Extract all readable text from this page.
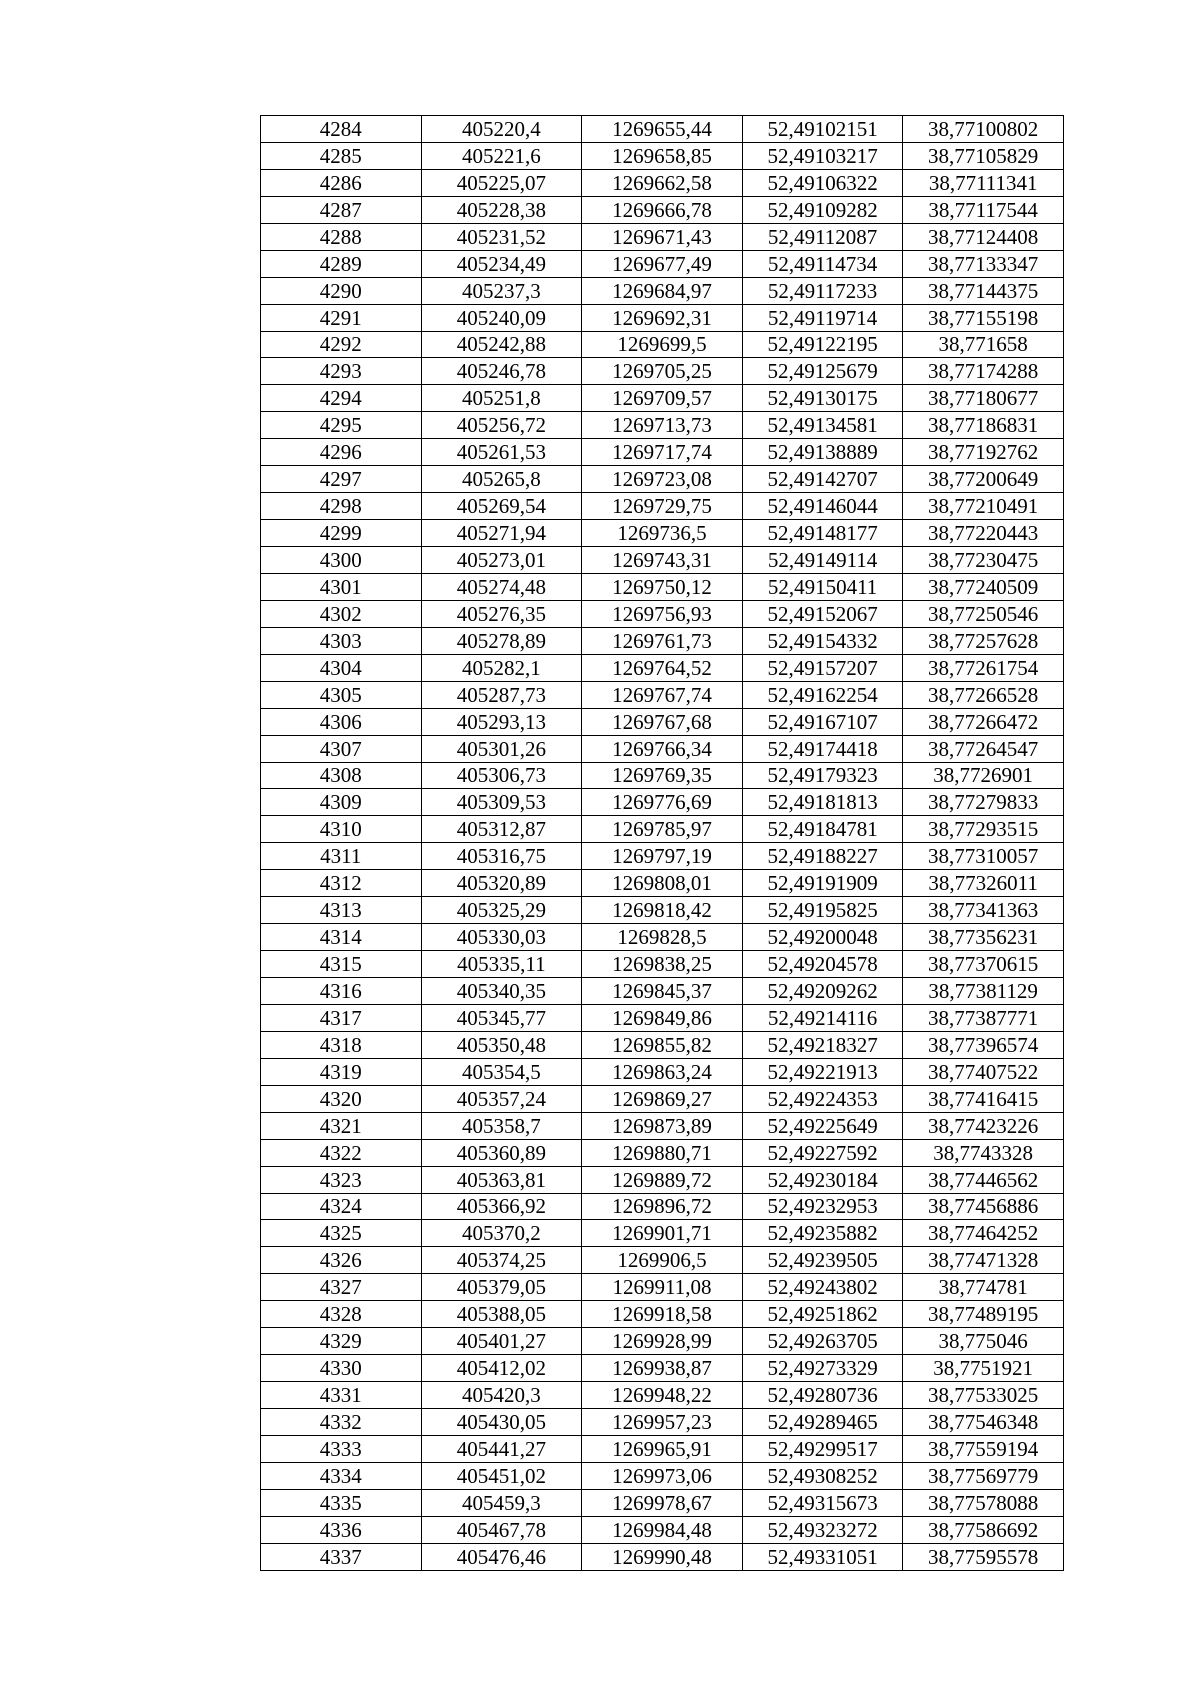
4284	405220,4	1269655,44	52,49102151	38,77100802
4285	405221,6	1269658,85	52,49103217	38,77105829
4286	405225,07	1269662,58	52,49106322	38,77111341
4287	405228,38	1269666,78	52,49109282	38,77117544
4288	405231,52	1269671,43	52,49112087	38,77124408
4289	405234,49	1269677,49	52,49114734	38,77133347
4290	405237,3	1269684,97	52,49117233	38,77144375
4291	405240,09	1269692,31	52,49119714	38,77155198
4292	405242,88	1269699,5	52,49122195	38,771658
4293	405246,78	1269705,25	52,49125679	38,77174288
4294	405251,8	1269709,57	52,49130175	38,77180677
4295	405256,72	1269713,73	52,49134581	38,77186831
4296	405261,53	1269717,74	52,49138889	38,77192762
4297	405265,8	1269723,08	52,49142707	38,77200649
4298	405269,54	1269729,75	52,49146044	38,77210491
4299	405271,94	1269736,5	52,49148177	38,77220443
4300	405273,01	1269743,31	52,49149114	38,77230475
4301	405274,48	1269750,12	52,49150411	38,77240509
4302	405276,35	1269756,93	52,49152067	38,77250546
4303	405278,89	1269761,73	52,49154332	38,77257628
4304	405282,1	1269764,52	52,49157207	38,77261754
4305	405287,73	1269767,74	52,49162254	38,77266528
4306	405293,13	1269767,68	52,49167107	38,77266472
4307	405301,26	1269766,34	52,49174418	38,77264547
4308	405306,73	1269769,35	52,49179323	38,7726901
4309	405309,53	1269776,69	52,49181813	38,77279833
4310	405312,87	1269785,97	52,49184781	38,77293515
4311	405316,75	1269797,19	52,49188227	38,77310057
4312	405320,89	1269808,01	52,49191909	38,77326011
4313	405325,29	1269818,42	52,49195825	38,77341363
4314	405330,03	1269828,5	52,49200048	38,77356231
4315	405335,11	1269838,25	52,49204578	38,77370615
4316	405340,35	1269845,37	52,49209262	38,77381129
4317	405345,77	1269849,86	52,49214116	38,77387771
4318	405350,48	1269855,82	52,49218327	38,77396574
4319	405354,5	1269863,24	52,49221913	38,77407522
4320	405357,24	1269869,27	52,49224353	38,77416415
4321	405358,7	1269873,89	52,49225649	38,77423226
4322	405360,89	1269880,71	52,49227592	38,7743328
4323	405363,81	1269889,72	52,49230184	38,77446562
4324	405366,92	1269896,72	52,49232953	38,77456886
4325	405370,2	1269901,71	52,49235882	38,77464252
4326	405374,25	1269906,5	52,49239505	38,77471328
4327	405379,05	1269911,08	52,49243802	38,774781
4328	405388,05	1269918,58	52,49251862	38,77489195
4329	405401,27	1269928,99	52,49263705	38,775046
4330	405412,02	1269938,87	52,49273329	38,7751921
4331	405420,3	1269948,22	52,49280736	38,77533025
4332	405430,05	1269957,23	52,49289465	38,77546348
4333	405441,27	1269965,91	52,49299517	38,77559194
4334	405451,02	1269973,06	52,49308252	38,77569779
4335	405459,3	1269978,67	52,49315673	38,77578088
4336	405467,78	1269984,48	52,49323272	38,77586692
4337	405476,46	1269990,48	52,49331051	38,77595578
